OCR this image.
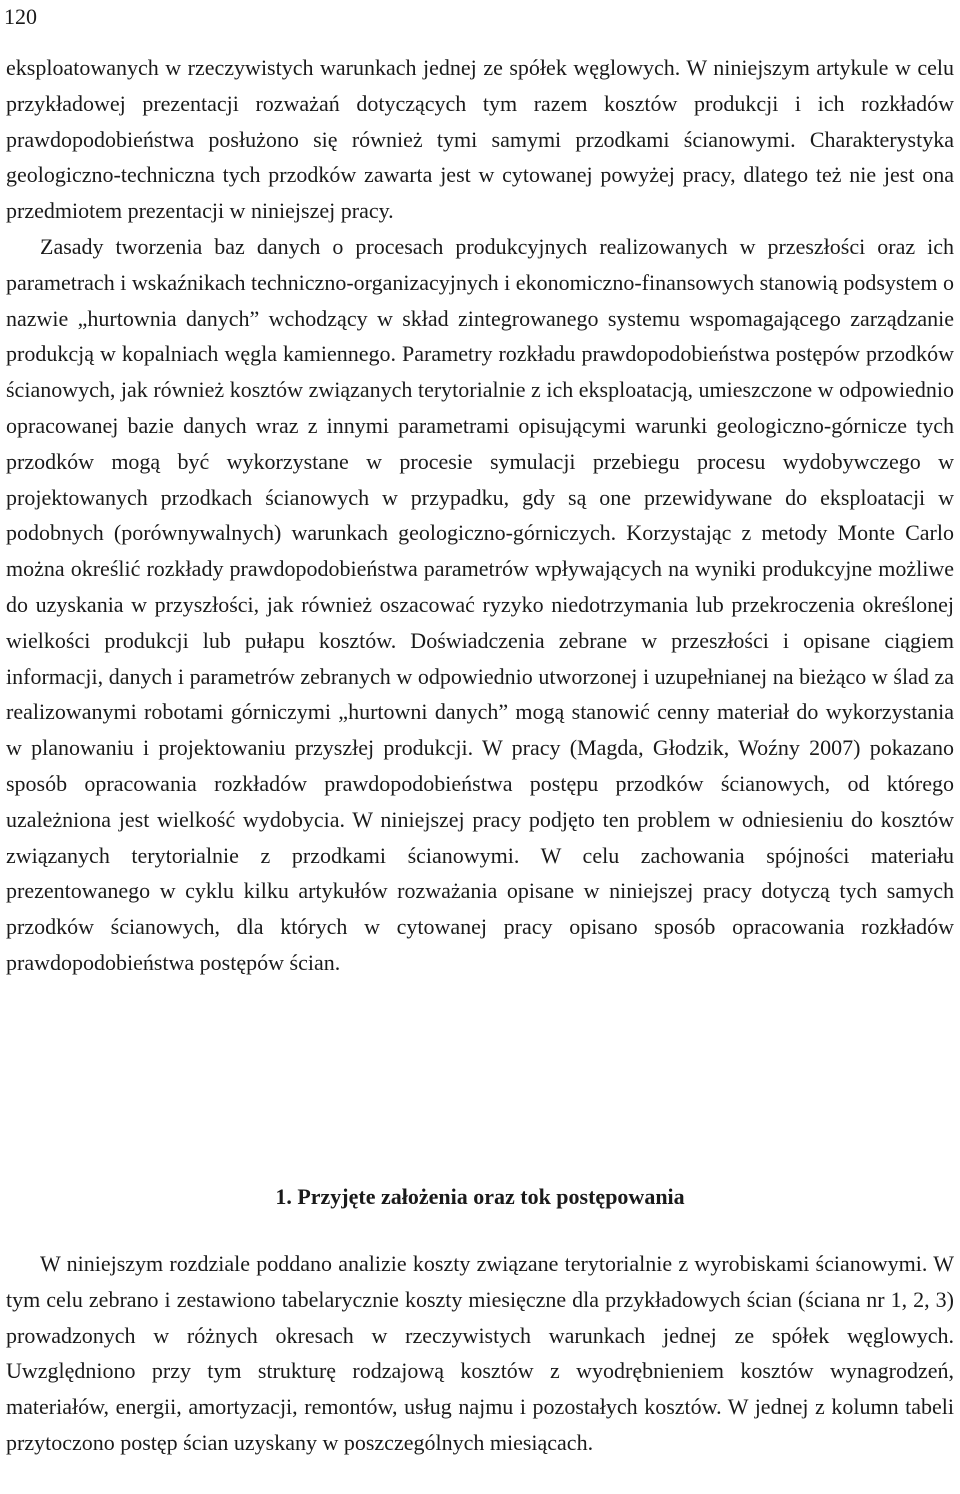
120

eksploatowanych w rzeczywistych warunkach jednej ze spółek węglowych. W niniejszym artykule w celu przykładowej prezentacji rozważań dotyczących tym razem kosztów produkcji i ich rozkładów prawdopodobieństwa posłużono się również tymi samymi przodkami ścianowymi. Charakterystyka geologiczno-techniczna tych przodków zawarta jest w cytowanej powyżej pracy, dlatego też nie jest ona przedmiotem prezentacji w niniejszej pracy.

Zasady tworzenia baz danych o procesach produkcyjnych realizowanych w przeszłości oraz ich parametrach i wskaźnikach techniczno-organizacyjnych i ekonomiczno-finansowych stanowią podsystem o nazwie „hurtownia danych” wchodzący w skład zintegrowanego systemu wspomagającego zarządzanie produkcją w kopalniach węgla kamiennego. Parametry rozkładu prawdopodobieństwa postępów przodków ścianowych, jak również kosztów związanych terytorialnie z ich eksploatacją, umieszczone w odpowiednio opracowanej bazie danych wraz z innymi parametrami opisującymi warunki geologiczno-górnicze tych przodków mogą być wykorzystane w procesie symulacji przebiegu procesu wydobywczego w projektowanych przodkach ścianowych w przypadku, gdy są one przewidywane do eksploatacji w podobnych (porównywalnych) warunkach geologiczno-górniczych. Korzystając z metody Monte Carlo można określić rozkłady prawdopodobieństwa parametrów wpływających na wyniki produkcyjne możliwe do uzyskania w przyszłości, jak również oszacować ryzyko niedotrzymania lub przekroczenia określonej wielkości produkcji lub pułapu kosztów. Doświadczenia zebrane w przeszłości i opisane ciągiem informacji, danych i parametrów zebranych w odpowiednio utworzonej i uzupełnianej na bieżąco w ślad za realizowanymi robotami górniczymi „hurtowni danych” mogą stanowić cenny materiał do wykorzystania w planowaniu i projektowaniu przyszłej produkcji. W pracy (Magda, Głodzik, Woźny 2007) pokazano sposób opracowania rozkładów prawdopodobieństwa postępu przodków ścianowych, od którego uzależniona jest wielkość wydobycia. W niniejszej pracy podjęto ten problem w odniesieniu do kosztów związanych terytorialnie z przodkami ścianowymi. W celu zachowania spójności materiału prezentowanego w cyklu kilku artykułów rozważania opisane w niniejszej pracy dotyczą tych samych przodków ścianowych, dla których w cytowanej pracy opisano sposób opracowania rozkładów prawdopodobieństwa postępów ścian.

1. Przyjęte założenia oraz tok postępowania

W niniejszym rozdziale poddano analizie koszty związane terytorialnie z wyrobiskami ścianowymi. W tym celu zebrano i zestawiono tabelarycznie koszty miesięczne dla przykładowych ścian (ściana nr 1, 2, 3) prowadzonych w różnych okresach w rzeczywistych warunkach jednej ze spółek węglowych. Uwzględniono przy tym strukturę rodzajową kosztów z wyodrębnieniem kosztów wynagrodzeń, materiałów, energii, amortyzacji, remontów, usług najmu i pozostałych kosztów. W jednej z kolumn tabeli przytoczono postęp ścian uzyskany w poszczególnych miesiącach.
